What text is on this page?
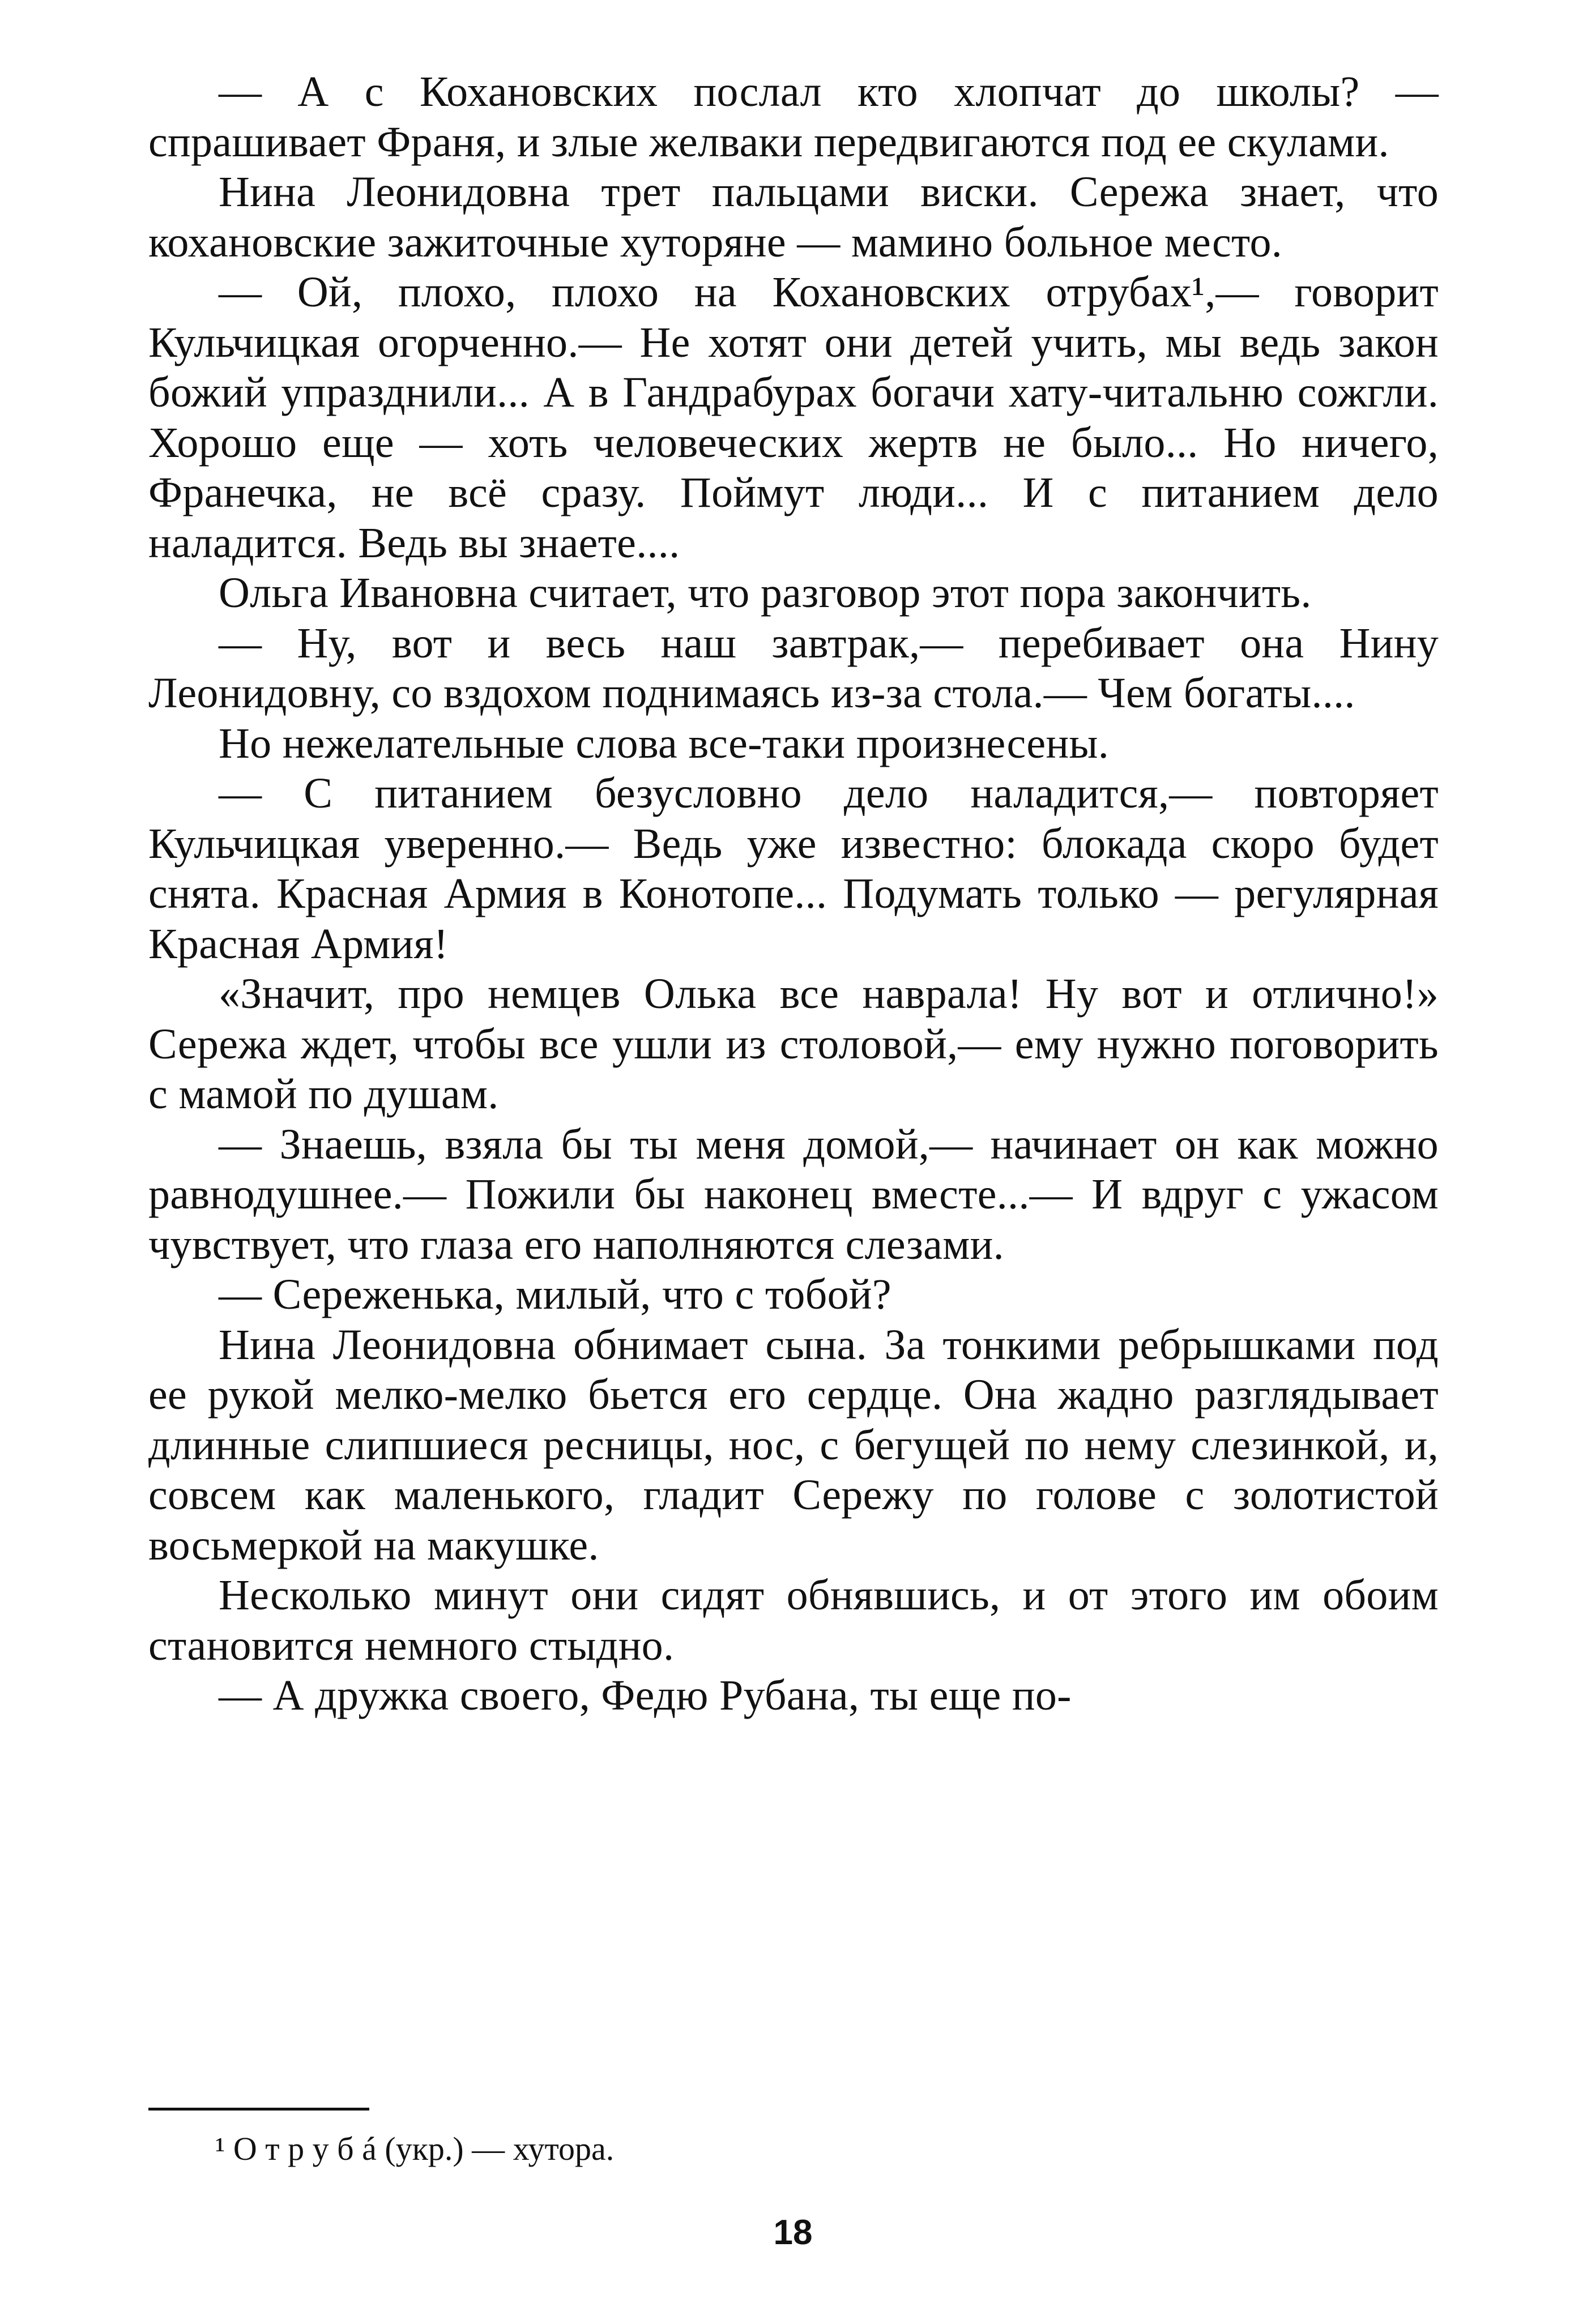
— А с Кохановских послал кто хлопчат до школы? — спрашивает Франя, и злые желваки передвигаются под ее скулами.

Нина Леонидовна трет пальцами виски. Сережа знает, что кохановские зажиточные хуторяне — мамино больное место.

— Ой, плохо, плохо на Кохановских отрубах¹,— говорит Кульчицкая огорченно.— Не хотят они детей учить, мы ведь закон божий упразднили... А в Гандрабурах богачи хату-читальню сожгли. Хорошо еще — хоть человеческих жертв не было... Но ничего, Франечка, не всё сразу. Поймут люди... И с питанием дело наладится. Ведь вы знаете....

Ольга Ивановна считает, что разговор этот пора закончить.

— Ну, вот и весь наш завтрак,— перебивает она Нину Леонидовну, со вздохом поднимаясь из-за стола.— Чем богаты....

Но нежелательные слова все-таки произнесены.

— С питанием безусловно дело наладится,— повторяет Кульчицкая уверенно.— Ведь уже известно: блокада скоро будет снята. Красная Армия в Конотопе... Подумать только — регулярная Красная Армия!

«Значит, про немцев Олька все наврала! Ну вот и отлично!» Сережа ждет, чтобы все ушли из столовой,— ему нужно поговорить с мамой по душам.

— Знаешь, взяла бы ты меня домой,— начинает он как можно равнодушнее.— Пожили бы наконец вместе...— И вдруг с ужасом чувствует, что глаза его наполняются слезами.

— Сереженька, милый, что с тобой?

Нина Леонидовна обнимает сына. За тонкими ребрышками под ее рукой мелко-мелко бьется его сердце. Она жадно разглядывает длинные слипшиеся ресницы, нос, с бегущей по нему слезинкой, и, совсем как маленького, гладит Сережу по голове с золотистой восьмеркой на макушке.

Несколько минут они сидят обнявшись, и от этого им обоим становится немного стыдно.

— А дружка своего, Федю Рубана, ты еще по-

¹ О т р у б á (укр.) — хутора.
18
